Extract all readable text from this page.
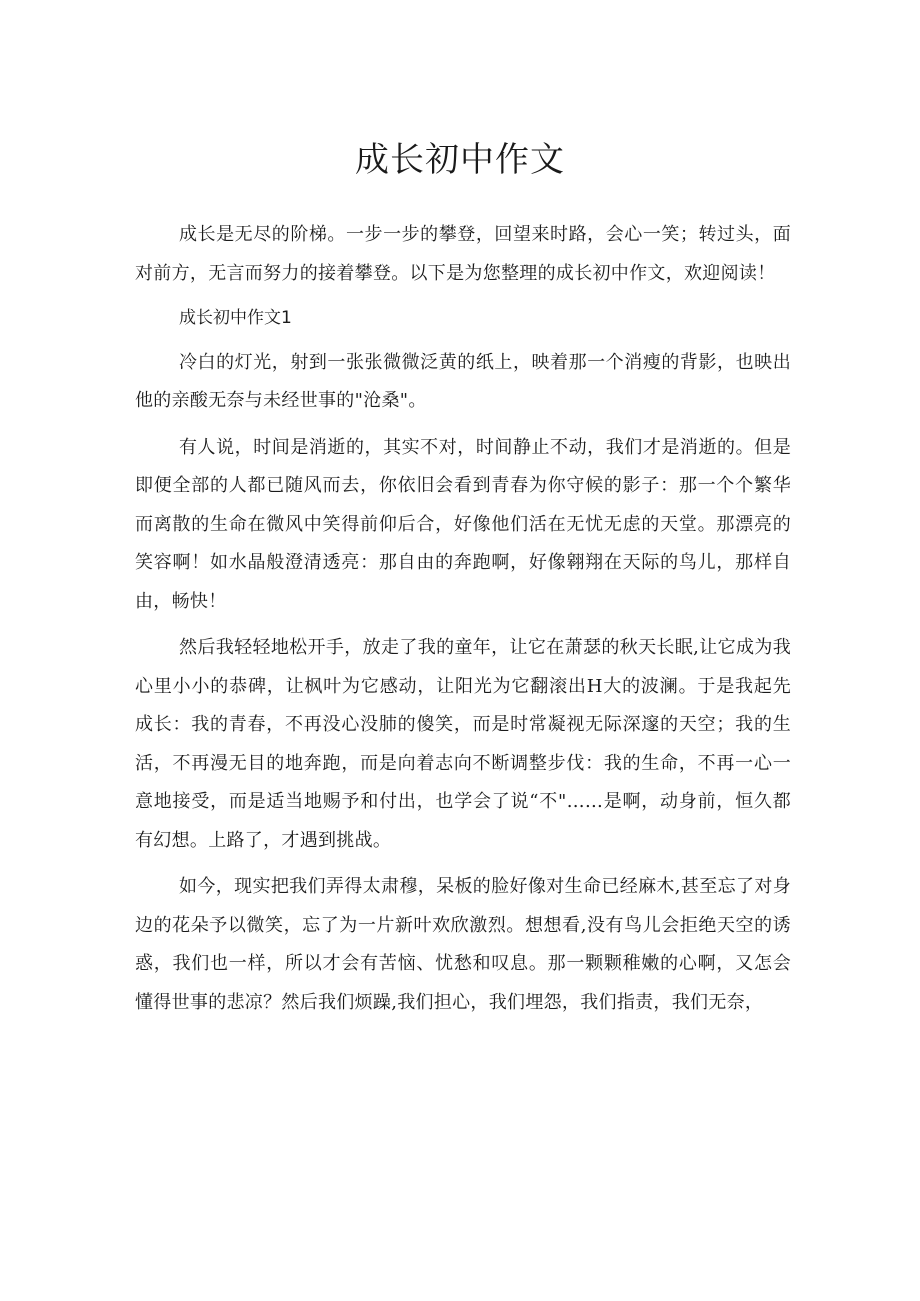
成长初中作文

成长是无尽的阶梯。一步一步的攀登，回望来时路，会心一笑；转过头，面对前方，无言而努力的接着攀登。以下是为您整理的成长初中作文，欢迎阅读！

成长初中作文1

冷白的灯光，射到一张张微微泛黄的纸上，映着那一个消瘦的背影，也映出他的亲酸无奈与未经世事的"沧桑"。

有人说，时间是消逝的，其实不对，时间静止不动，我们才是消逝的。但是即便全部的人都已随风而去，你依旧会看到青春为你守候的影子：那一个个繁华而离散的生命在微风中笑得前仰后合，好像他们活在无忧无虑的天堂。那漂亮的笑容啊！如水晶般澄清透亮：那自由的奔跑啊，好像翱翔在天际的鸟儿，那样自由，畅快！

然后我轻轻地松开手，放走了我的童年，让它在萧瑟的秋天长眠,让它成为我心里小小的恭碑，让枫叶为它感动，让阳光为它翻滚出H大的波澜。于是我起先成长：我的青春，不再没心没肺的傻笑，而是时常凝视无际深邃的天空；我的生活，不再漫无目的地奔跑，而是向着志向不断调整步伐：我的生命，不再一心一意地接受，而是适当地赐予和付出，也学会了说“不"……是啊，动身前，恒久都有幻想。上路了，才遇到挑战。

如今，现实把我们弄得太肃穆，呆板的脸好像对生命已经麻木,甚至忘了对身边的花朵予以微笑，忘了为一片新叶欢欣激烈。想想看,没有鸟儿会拒绝天空的诱惑，我们也一样，所以才会有苦恼、忧愁和叹息。那一颗颗稚嫩的心啊，又怎会懂得世事的悲凉？然后我们烦躁,我们担心，我们埋怨，我们指责，我们无奈，
